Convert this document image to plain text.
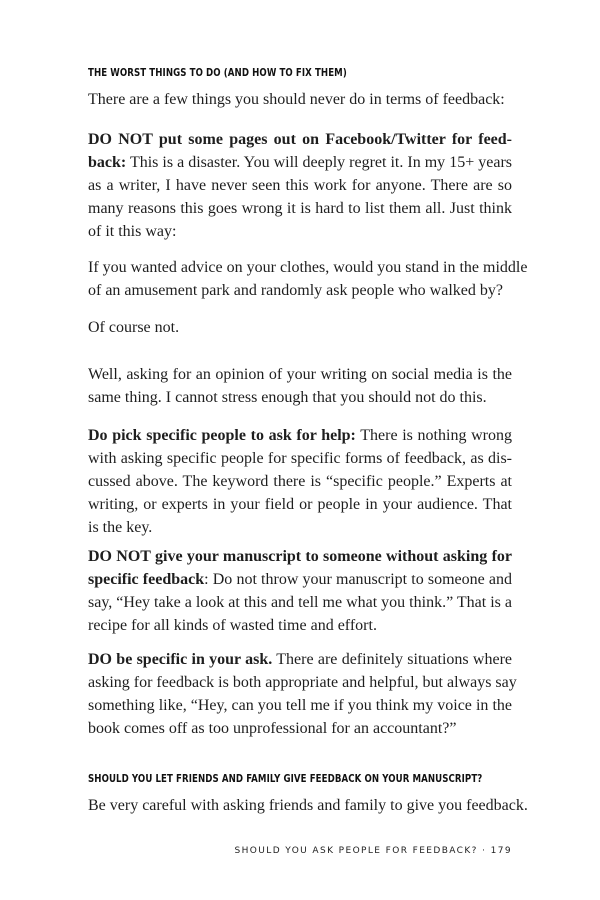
THE WORST THINGS TO DO (AND HOW TO FIX THEM)
There are a few things you should never do in terms of feedback:
DO NOT put some pages out on Facebook/Twitter for feed-
back: This is a disaster. You will deeply regret it. In my 15+ years
as a writer, I have never seen this work for anyone. There are so
many reasons this goes wrong it is hard to list them all. Just think
of it this way:
If you wanted advice on your clothes, would you stand in the middle
of an amusement park and randomly ask people who walked by?
Of course not.
Well, asking for an opinion of your writing on social media is the
same thing. I cannot stress enough that you should not do this.
Do pick specific people to ask for help: There is nothing wrong
with asking specific people for specific forms of feedback, as dis-
cussed above. The keyword there is “specific people.” Experts at
writing, or experts in your field or people in your audience. That
is the key.
DO NOT give your manuscript to someone without asking for
specific feedback: Do not throw your manuscript to someone and
say, “Hey take a look at this and tell me what you think.” That is a
recipe for all kinds of wasted time and effort.
DO be specific in your ask. There are definitely situations where
asking for feedback is both appropriate and helpful, but always say
something like, “Hey, can you tell me if you think my voice in the
book comes off as too unprofessional for an accountant?”
SHOULD YOU LET FRIENDS AND FAMILY GIVE FEEDBACK ON YOUR MANUSCRIPT?
Be very careful with asking friends and family to give you feedback.
SHOULD YOU ASK PEOPLE FOR FEEDBACK? · 179
